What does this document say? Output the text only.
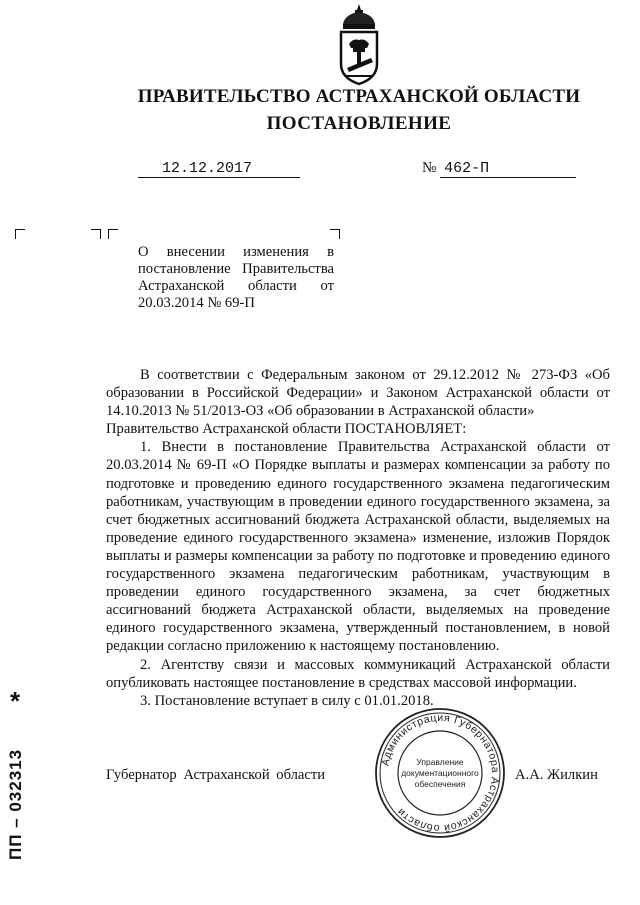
ПРАВИТЕЛЬСТВО АСТРАХАНСКОЙ ОБЛАСТИ
ПОСТАНОВЛЕНИЕ
12.12.2017	№ 462-П
О внесении изменения в
постановление Правительства
Астраханской области от
20.03.2014 № 69-П

В соответствии с Федеральным законом от 29.12.2012 № 273-ФЗ «Об образовании в Российской Федерации» и Законом Астраханской области от 14.10.2013 № 51/2013-ОЗ «Об образовании в Астраханской области»

Правительство Астраханской области ПОСТАНОВЛЯЕТ:

1. Внести в постановление Правительства Астраханской области от 20.03.2014 № 69-П «О Порядке выплаты и размерах компенсации за работу по подготовке и проведению единого государственного экзамена педагогическим работникам, участвующим в проведении единого государственного экзамена, за счет бюджетных ассигнований бюджета Астраханской области, выделяемых на проведение единого государственного экзамена» изменение, изложив Порядок выплаты и размеры компенсации за работу по подготовке и проведению единого государственного экзамена педагогическим работникам, участвующим в проведении единого государственного экзамена, за счет бюджетных ассигнований бюджета Астраханской области, выделяемых на проведение единого государственного экзамена, утвержденный постановлением, в новой редакции согласно приложению к настоящему постановлению.

2. Агентству связи и массовых коммуникаций Астраханской области опубликовать настоящее постановление в средствах массовой информации.

3. Постановление вступает в силу с 01.01.2018.

Губернатор Астраханской области	А.А. Жилкин
Администрация Губернатора Астраханской области
Управление
документационного
обеспечения
*
ПП – 032313
